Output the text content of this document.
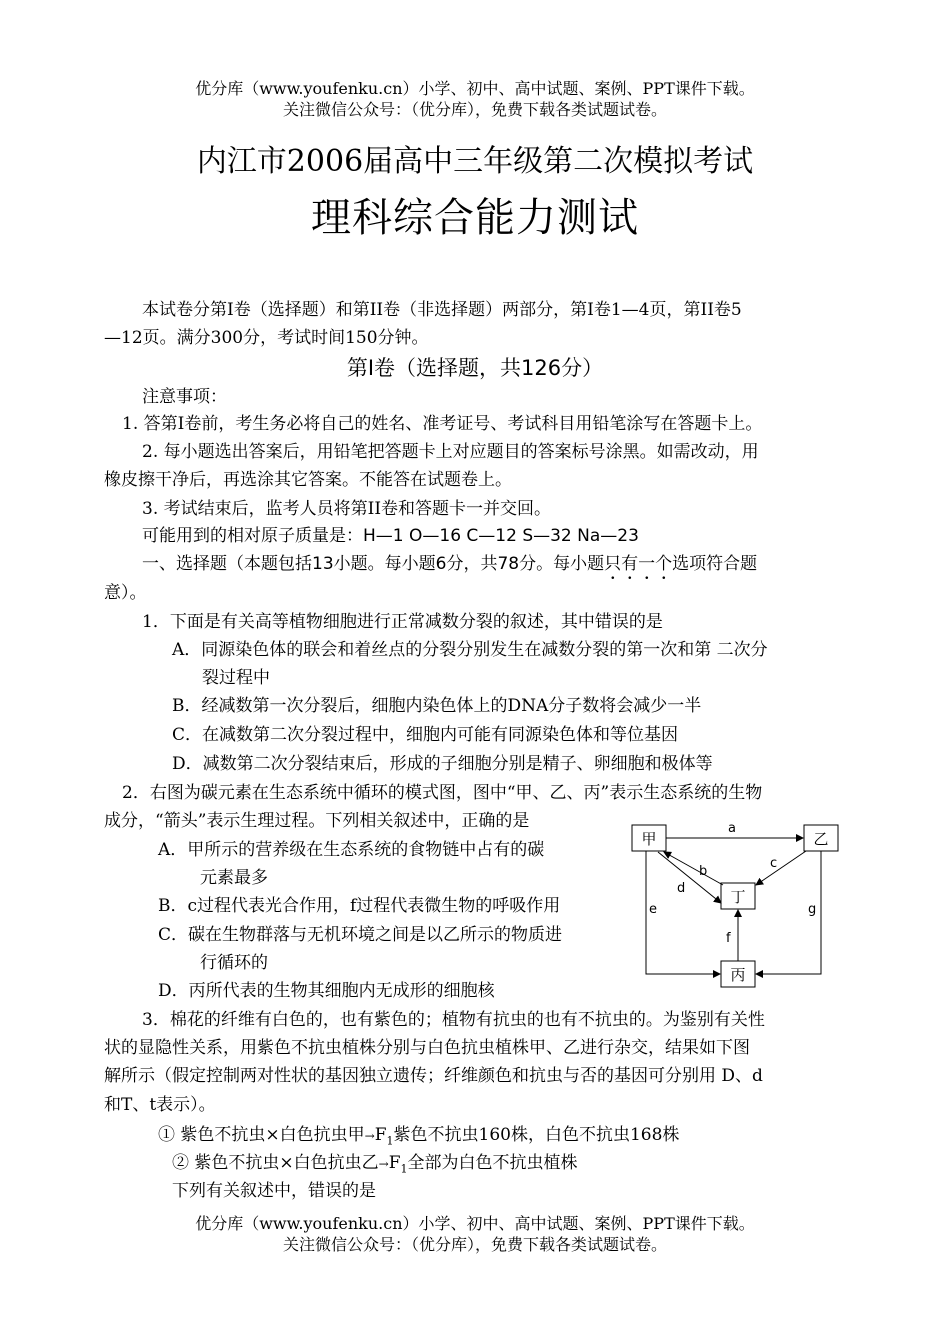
优分库（www.youfenku.cn）小学、初中、高中试题、案例、PPT课件下载。
关注微信公众号：（优分库），免费下载各类试题试卷。
内江市2006届高中三年级第二次模拟考试
理科综合能力测试
本试卷分第I卷（选择题）和第II卷（非选择题）两部分，第I卷1—4页，第II卷5
—12页。满分300分，考试时间150分钟。
第I卷（选择题，共126分）
注意事项：
1. 答第I卷前，考生务必将自己的姓名、准考证号、考试科目用铅笔涂写在答题卡上。
2. 每小题选出答案后，用铅笔把答题卡上对应题目的答案标号涂黑。如需改动，用
橡皮擦干净后，再选涂其它答案。不能答在试题卷上。
3. 考试结束后，监考人员将第II卷和答题卡一并交回。
可能用到的相对原子质量是：H—1 O—16 C—12 S—32 Na—23
一、选择题（本题包括13小题。每小题6分，共78分。每小题只有一个选项符合题
意）。
1．下面是有关高等植物细胞进行正常减数分裂的叙述，其中错误的是
A．同源染色体的联会和着丝点的分裂分别发生在减数分裂的第一次和第 二次分
裂过程中
B．经减数第一次分裂后，细胞内染色体上的DNA分子数将会减少一半
C．在减数第二次分裂过程中，细胞内可能有同源染色体和等位基因
D．减数第二次分裂结束后，形成的子细胞分别是精子、卵细胞和极体等
2．右图为碳元素在生态系统中循环的模式图，图中“甲、乙、丙”表示生态系统的生物
成分，“箭头”表示生理过程。下列相关叙述中，正确的是
A．甲所示的营养级在生态系统的食物链中占有的碳
元素最多
B．c过程代表光合作用，f过程代表微生物的呼吸作用
C．碳在生物群落与无机环境之间是以乙所示的物质进
行循环的
D．丙所代表的生物其细胞内无成形的细胞核
甲	乙
丁
丙
a
c
b
d
f
e	g
3．棉花的纤维有白色的，也有紫色的；植物有抗虫的也有不抗虫的。为鉴别有关性
状的显隐性关系，用紫色不抗虫植株分别与白色抗虫植株甲、乙进行杂交，结果如下图
解所示（假定控制两对性状的基因独立遗传；纤维颜色和抗虫与否的基因可分别用 D、d
和T、t表示）。
① 紫色不抗虫×白色抗虫甲$\to F_1$紫色不抗虫160株，白色不抗虫168株
② 紫色不抗虫×白色抗虫乙$\to F_1$全部为白色不抗虫植株
下列有关叙述中，错误的是
优分库（www.youfenku.cn）小学、初中、高中试题、案例、PPT课件下载。
关注微信公众号：（优分库），免费下载各类试题试卷。
